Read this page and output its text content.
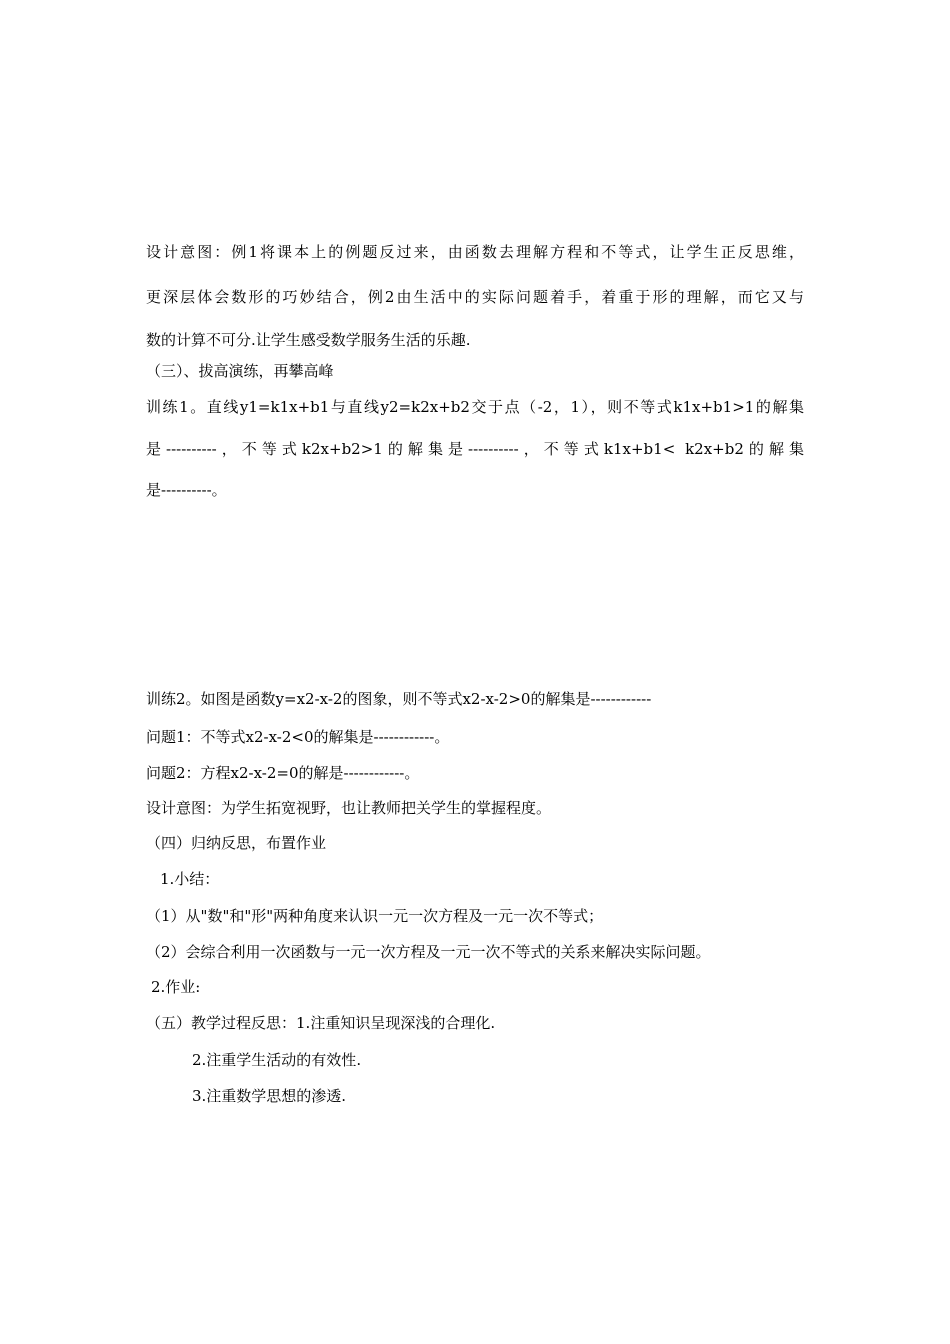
设计意图：例1将课本上的例题反过来，由函数去理解方程和不等式，让学生正反思维，
更深层体会数形的巧妙结合，例2由生活中的实际问题着手，着重于形的理解，而它又与
数的计算不可分.让学生感受数学服务生活的乐趣.
（三）、拔高演练，再攀高峰
训练1。直线y1=k1x+b1与直线y2=k2x+b2交于点（-2，1），则不等式k1x+b1>1的解集
是----------，不等式k2x+b2>1的解集是----------，不等式k1x+b1< k2x+b2的解集
是----------。
训练2。如图是函数y=x2-x-2的图象，则不等式x2-x-2>0的解集是------------
问题1：不等式x2-x-2<0的解集是------------。
问题2：方程x2-x-2=0的解是------------。
设计意图：为学生拓宽视野，也让教师把关学生的掌握程度。
（四）归纳反思，布置作业
1.小结：
（1）从"数"和"形"两种角度来认识一元一次方程及一元一次不等式；
（2）会综合利用一次函数与一元一次方程及一元一次不等式的关系来解决实际问题。
2.作业:
（五）教学过程反思：1.注重知识呈现深浅的合理化.
2.注重学生活动的有效性.
3.注重数学思想的渗透.
